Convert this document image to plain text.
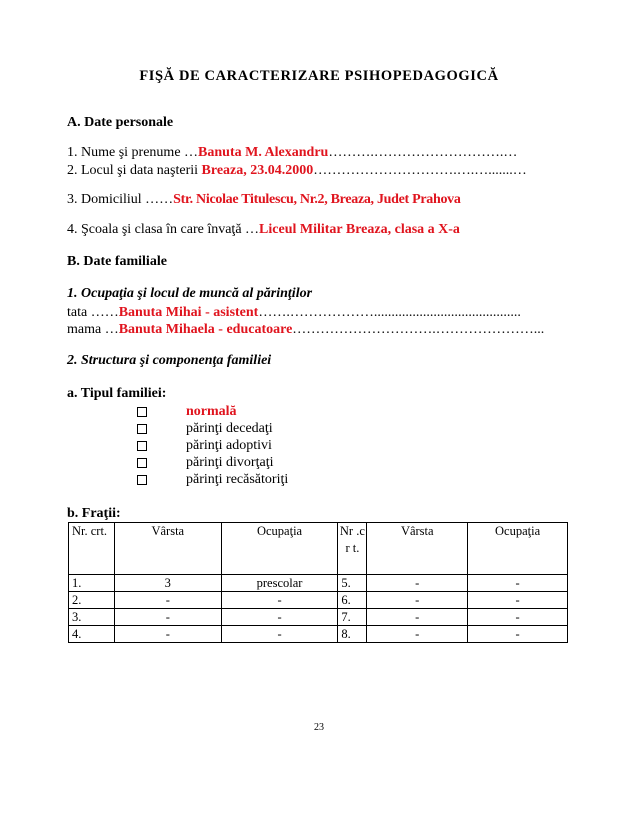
FIŞĂ DE CARACTERIZARE PSIHOPEDAGOGICĂ
A. Date personale
1. Nume şi prenume …Banuta M. Alexandru……….……………………….…
2. Locul şi data naşterii Breaza, 23.04.2000………………………….….….......…
3. Domiciliul ……Str. Nicolae Titulescu, Nr.2, Breaza, Judet Prahova
4. Şcoala şi clasa în care învaţă …Liceul Militar Breaza, clasa a X-a
B. Date familiale
1. Ocupaţia şi locul de muncă al părinţilor
tata ……Banuta Mihai - asistent…….………………..........................................
mama …Banuta Mihaela - educatoare………………………….…………………...
2. Structura şi componenţa familiei
a. Tipul familiei:
normală
părinţi decedaţi
părinţi adoptivi
părinţi divorţaţi
părinţi recăsătoriţi
b. Fraţii:
Nr. crt.	Vârsta	Ocupaţia	Nr .cr t.	Vârsta	Ocupaţia
1.	3	prescolar	5.	-	-
2.	-	-	6.	-	-
3.	-	-	7.	-	-
4.	-	-	8.	-	-
23
